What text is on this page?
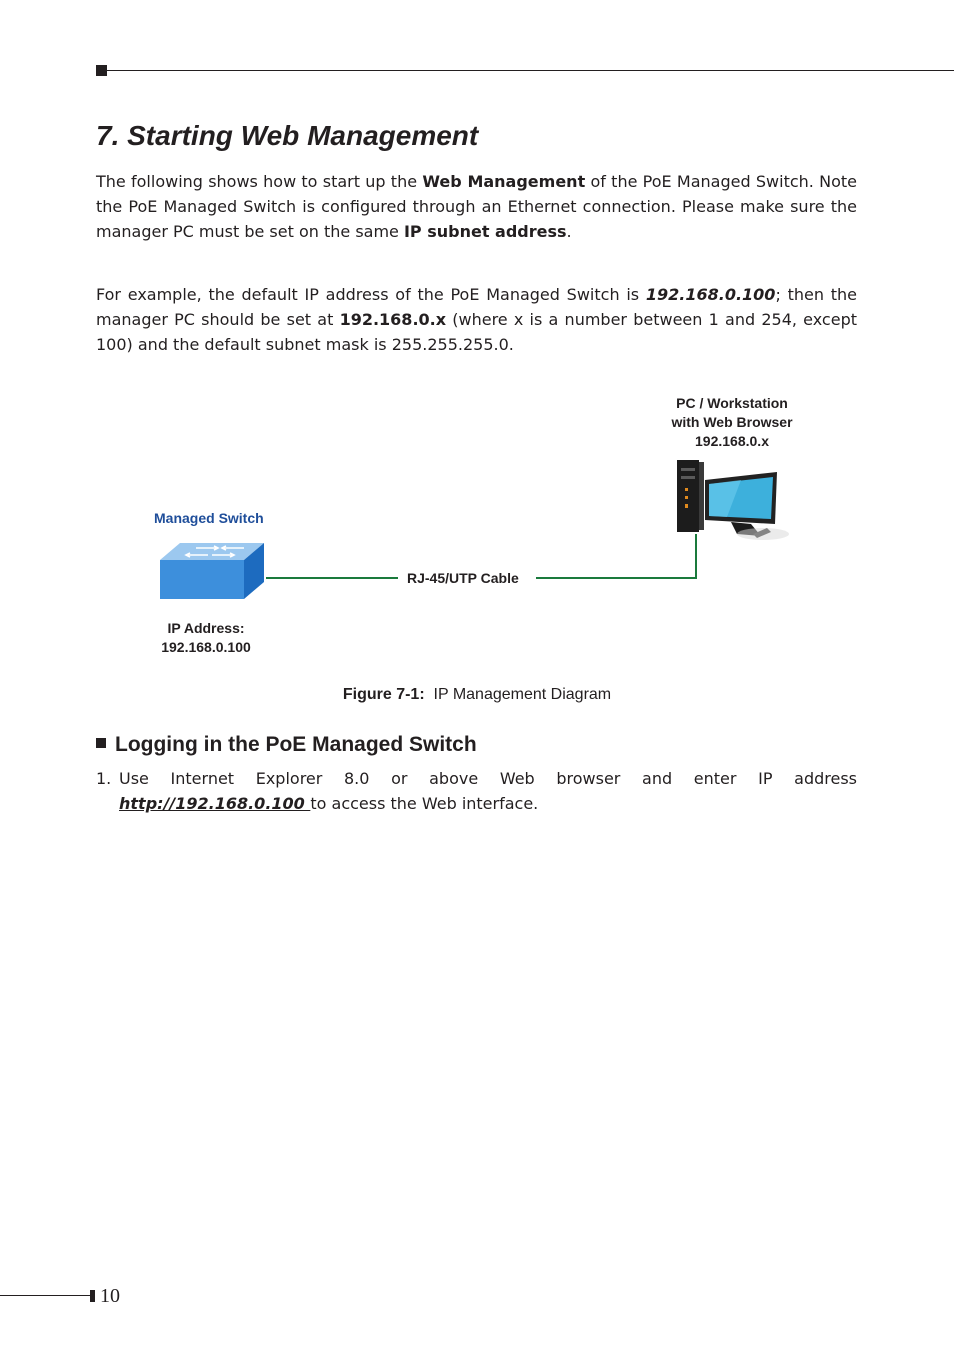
7. Starting Web Management

The following shows how to start up the Web Management of the PoE Managed Switch. Note the PoE Managed Switch is configured through an Ethernet connection. Please make sure the manager PC must be set on the same IP subnet address.

For example, the default IP address of the PoE Managed Switch is 192.168.0.100; then the manager PC should be set at 192.168.0.x (where x is a number between 1 and 254, except 100) and the default subnet mask is 255.255.255.0.

PC / Workstation
with Web Browser
192.168.0.x
Managed Switch
RJ-45/UTP Cable
IP Address:
192.168.0.100
Figure 7-1: IP Management Diagram
Logging in the PoE Managed Switch
1. Use Internet Explorer 8.0 or above Web browser and enter IP address http://192.168.0.100 to access the Web interface.
10
